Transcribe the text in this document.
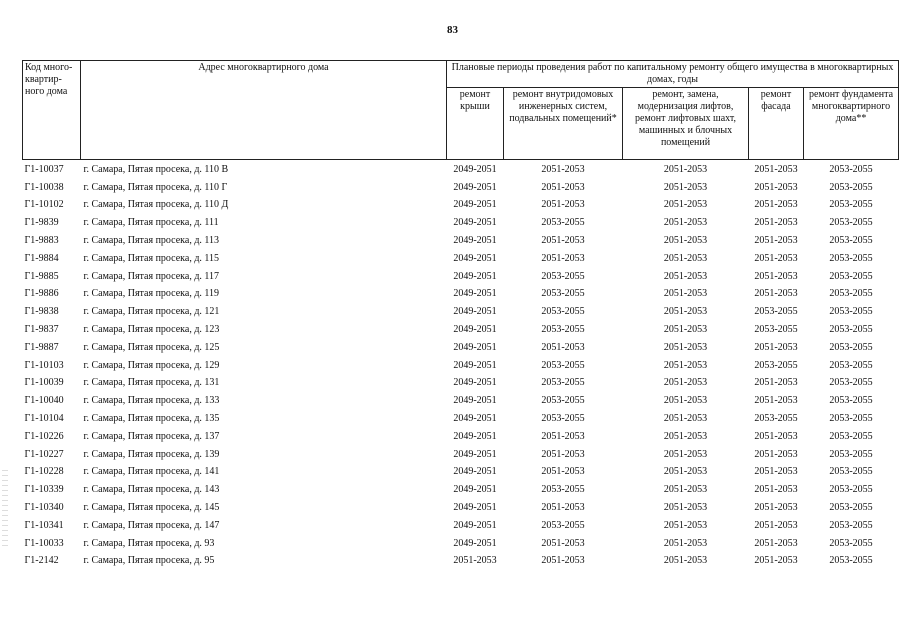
83
Код много-квартир-ного дома	Адрес многоквартирного дома	Плановые периоды проведения работ по капитальному ремонту общего имущества в многоквартирных домах, годы				
		ремонт крыши	ремонт внутридомовых инженерных систем, подвальных помещений*	ремонт, замена, модернизация лифтов, ремонт лифтовых шахт, машинных и блочных помещений	ремонт фасада	ремонт фундамента многоквартирного дома**
Г1-10037	г. Самара, Пятая просека, д. 110 В	2049-2051	2051-2053	2051-2053	2051-2053	2053-2055
Г1-10038	г. Самара, Пятая просека, д. 110 Г	2049-2051	2051-2053	2051-2053	2051-2053	2053-2055
Г1-10102	г. Самара, Пятая просека, д. 110 Д	2049-2051	2051-2053	2051-2053	2051-2053	2053-2055
Г1-9839	г. Самара, Пятая просека, д. 111	2049-2051	2053-2055	2051-2053	2051-2053	2053-2055
Г1-9883	г. Самара, Пятая просека, д. 113	2049-2051	2051-2053	2051-2053	2051-2053	2053-2055
Г1-9884	г. Самара, Пятая просека, д. 115	2049-2051	2051-2053	2051-2053	2051-2053	2053-2055
Г1-9885	г. Самара, Пятая просека, д. 117	2049-2051	2053-2055	2051-2053	2051-2053	2053-2055
Г1-9886	г. Самара, Пятая просека, д. 119	2049-2051	2053-2055	2051-2053	2051-2053	2053-2055
Г1-9838	г. Самара, Пятая просека, д. 121	2049-2051	2053-2055	2051-2053	2053-2055	2053-2055
Г1-9837	г. Самара, Пятая просека, д. 123	2049-2051	2053-2055	2051-2053	2053-2055	2053-2055
Г1-9887	г. Самара, Пятая просека, д. 125	2049-2051	2051-2053	2051-2053	2051-2053	2053-2055
Г1-10103	г. Самара, Пятая просека, д. 129	2049-2051	2053-2055	2051-2053	2053-2055	2053-2055
Г1-10039	г. Самара, Пятая просека, д. 131	2049-2051	2053-2055	2051-2053	2051-2053	2053-2055
Г1-10040	г. Самара, Пятая просека, д. 133	2049-2051	2053-2055	2051-2053	2051-2053	2053-2055
Г1-10104	г. Самара, Пятая просека, д. 135	2049-2051	2053-2055	2051-2053	2053-2055	2053-2055
Г1-10226	г. Самара, Пятая просека, д. 137	2049-2051	2051-2053	2051-2053	2051-2053	2053-2055
Г1-10227	г. Самара, Пятая просека, д. 139	2049-2051	2051-2053	2051-2053	2051-2053	2053-2055
Г1-10228	г. Самара, Пятая просека, д. 141	2049-2051	2051-2053	2051-2053	2051-2053	2053-2055
Г1-10339	г. Самара, Пятая просека, д. 143	2049-2051	2053-2055	2051-2053	2051-2053	2053-2055
Г1-10340	г. Самара, Пятая просека, д. 145	2049-2051	2051-2053	2051-2053	2051-2053	2053-2055
Г1-10341	г. Самара, Пятая просека, д. 147	2049-2051	2053-2055	2051-2053	2051-2053	2053-2055
Г1-10033	г. Самара, Пятая просека, д. 93	2049-2051	2051-2053	2051-2053	2051-2053	2053-2055
Г1-2142	г. Самара, Пятая просека, д. 95	2051-2053	2051-2053	2051-2053	2051-2053	2053-2055
